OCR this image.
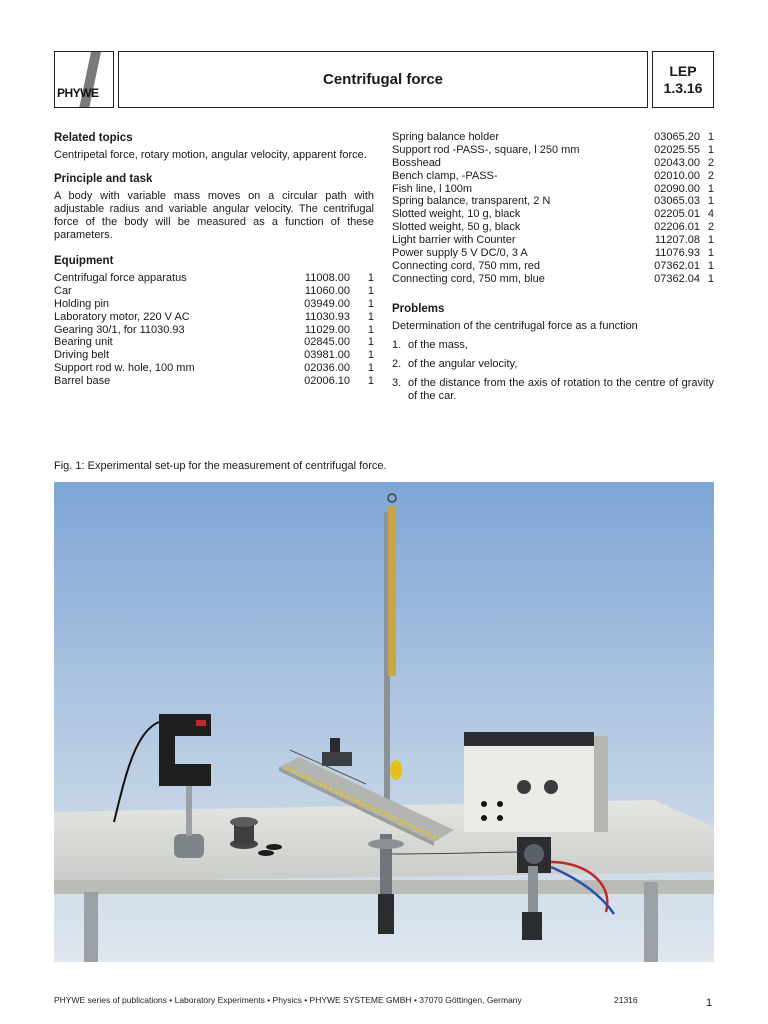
PHYWE
Centrifugal force
LEP
1.3.16
Related topics

Centripetal force, rotary motion, angular velocity, apparent force.

Principle and task

A body with variable mass moves on a circular path with adjustable radius and variable angular velocity. The centrifugal force of the body will be measured as a function of these parameters.

Equipment
Centrifugal force apparatus	11008.00	1
Car	11060.00	1
Holding pin	03949.00	1
Laboratory motor, 220 V AC	11030.93	1
Gearing 30/1, for 11030.93	11029.00	1
Bearing unit	02845.00	1
Driving belt	03981.00	1
Support rod w. hole, 100 mm	02036.00	1
Barrel base	02006.10	1
Spring balance holder	03065.20 1
Support rod -PASS-, square, l 250 mm	02025.55 1
Bosshead	02043.00 2
Bench clamp, -PASS-	02010.00 2
Fish line, l 100m	02090.00 1
Spring balance, transparent, 2 N	03065.03 1
Slotted weight, 10 g, black	02205.01 4
Slotted weight, 50 g, black	02206.01 2
Light barrier with Counter	11207.08 1
Power supply 5 V DC/0, 3 A	11076.93 1
Connecting cord, 750 mm, red	07362.01 1
Connecting cord, 750 mm, blue	07362.04 1
Problems

Determination of the centrifugal force as a function

1. of the mass,
2. of the angular velocity,
3. of the distance from the axis of rotation to the centre of gravity of the car.
Fig. 1: Experimental set-up for the measurement of centrifugal force.
PHYWE series of publications • Laboratory Experiments • Physics • PHYWE SYSTEME GMBH • 37070 Göttingen, Germany	21316	1
